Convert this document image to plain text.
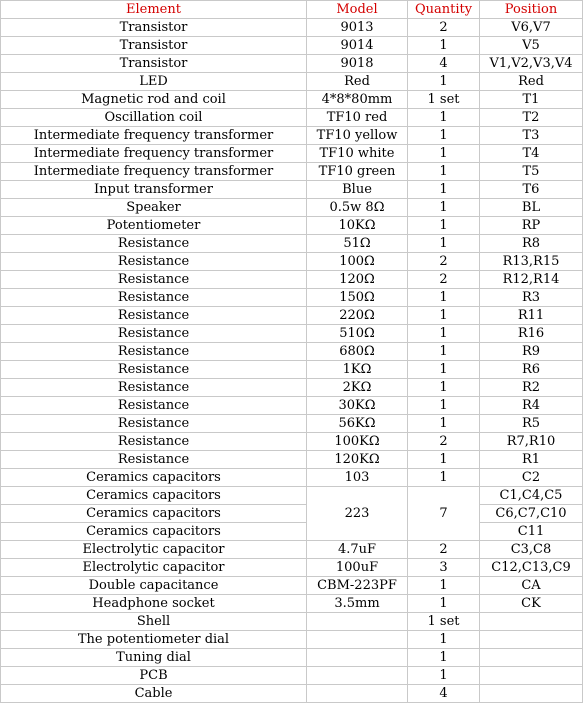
Element	Model	Quantity	Position
Transistor	9013	2	V6,V7
Transistor	9014	1	V5
Transistor	9018	4	V1,V2,V3,V4
LED	Red	1	Red
Magnetic rod and coil	4*8*80mm	1 set	T1
Oscillation coil	TF10 red	1	T2
Intermediate frequency transformer	TF10 yellow	1	T3
Intermediate frequency transformer	TF10 white	1	T4
Intermediate frequency transformer	TF10 green	1	T5
Input transformer	Blue	1	T6
Speaker	0.5w 8Ω	1	BL
Potentiometer	10KΩ	1	RP
Resistance	51Ω	1	R8
Resistance	100Ω	2	R13,R15
Resistance	120Ω	2	R12,R14
Resistance	150Ω	1	R3
Resistance	220Ω	1	R11
Resistance	510Ω	1	R16
Resistance	680Ω	1	R9
Resistance	1KΩ	1	R6
Resistance	2KΩ	1	R2
Resistance	30KΩ	1	R4
Resistance	56KΩ	1	R5
Resistance	100KΩ	2	R7,R10
Resistance	120KΩ	1	R1
Ceramics capacitors	103	1	C2
Ceramics capacitors	223	7	C1,C4,C5
Ceramics capacitors			C6,C7,C10
Ceramics capacitors			C11
Electrolytic capacitor	4.7uF	2	C3,C8
Electrolytic capacitor	100uF	3	C12,C13,C9
Double capacitance	CBM-223PF	1	CA
Headphone socket	3.5mm	1	CK
Shell		1 set	
The potentiometer dial		1	
Tuning dial		1	
PCB		1	
Cable		4	
